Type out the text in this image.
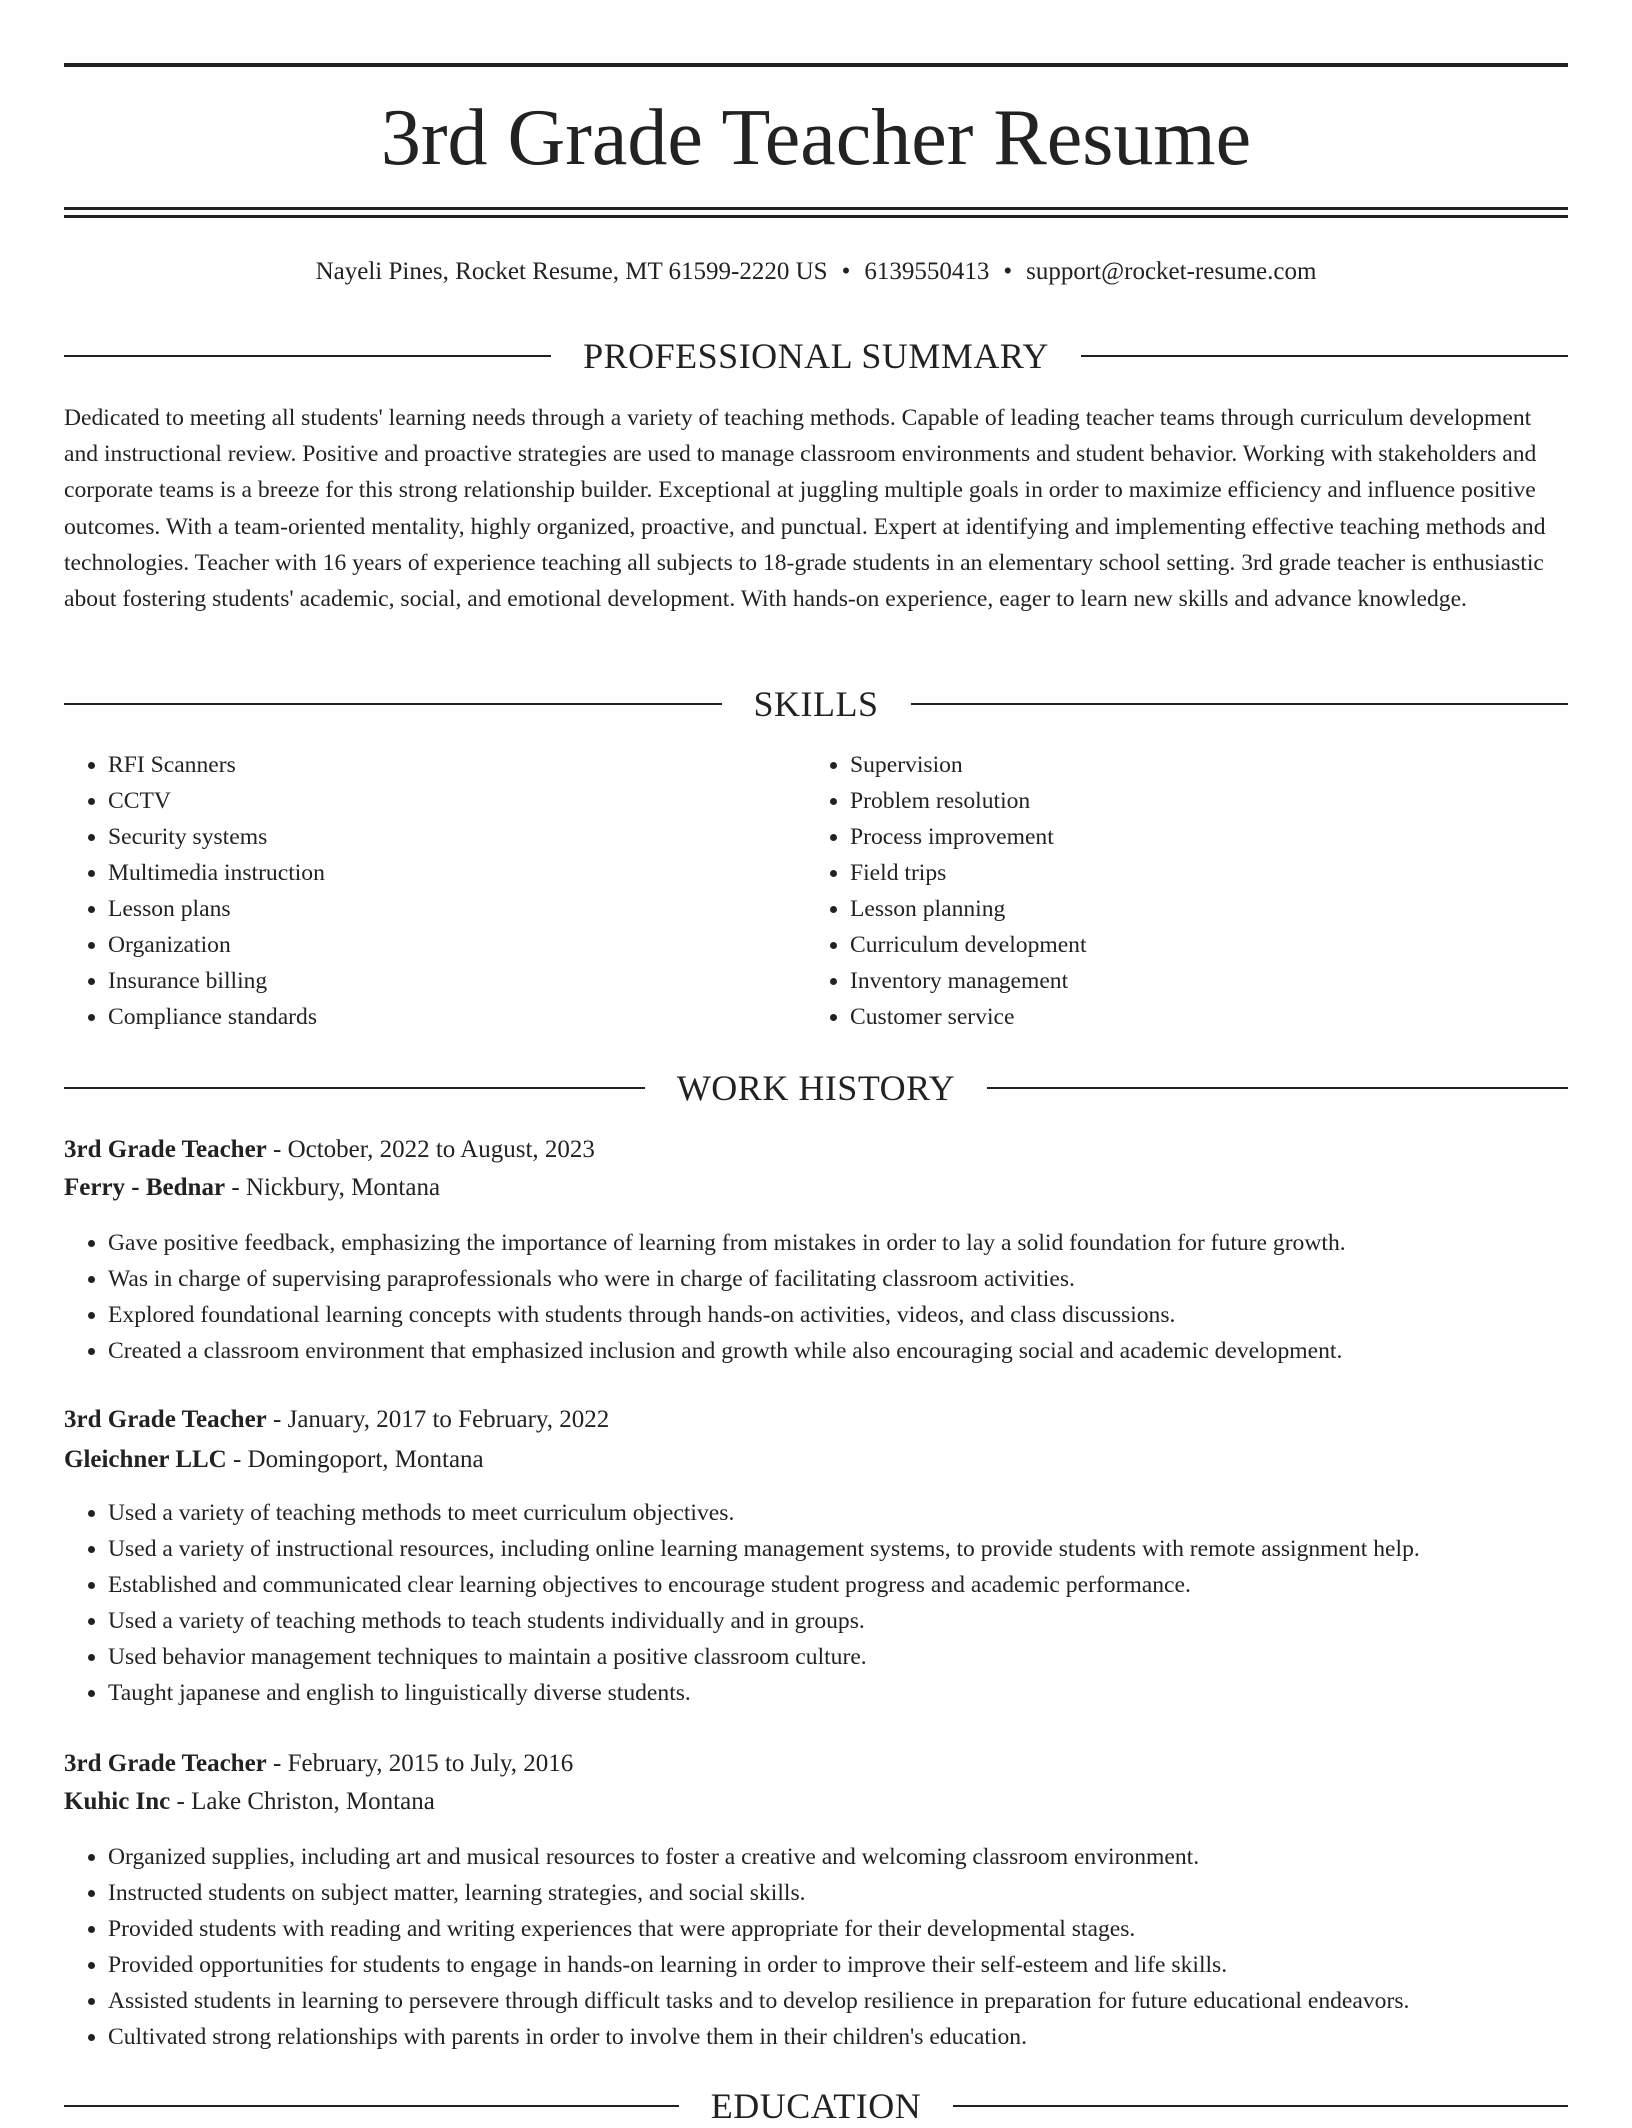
3rd Grade Teacher Resume
Nayeli Pines, Rocket Resume, MT 61599-2220 US • 6139550413 • support@rocket-resume.com
PROFESSIONAL SUMMARY

Dedicated to meeting all students' learning needs through a variety of teaching methods. Capable of leading teacher teams through curriculum development and instructional review. Positive and proactive strategies are used to manage classroom environments and student behavior. Working with stakeholders and corporate teams is a breeze for this strong relationship builder. Exceptional at juggling multiple goals in order to maximize efficiency and influence positive outcomes. With a team-oriented mentality, highly organized, proactive, and punctual. Expert at identifying and implementing effective teaching methods and technologies. Teacher with 16 years of experience teaching all subjects to 18-grade students in an elementary school setting. 3rd grade teacher is enthusiastic about fostering students' academic, social, and emotional development. With hands-on experience, eager to learn new skills and advance knowledge.

SKILLS
• RFI Scanners
• CCTV
• Security systems
• Multimedia instruction
• Lesson plans
• Organization
• Insurance billing
• Compliance standards
• Supervision
• Problem resolution
• Process improvement
• Field trips
• Lesson planning
• Curriculum development
• Inventory management
• Customer service
WORK HISTORY
3rd Grade Teacher - October, 2022 to August, 2023
Ferry - Bednar - Nickbury, Montana
• Gave positive feedback, emphasizing the importance of learning from mistakes in order to lay a solid foundation for future growth.
• Was in charge of supervising paraprofessionals who were in charge of facilitating classroom activities.
• Explored foundational learning concepts with students through hands-on activities, videos, and class discussions.
• Created a classroom environment that emphasized inclusion and growth while also encouraging social and academic development.
3rd Grade Teacher - January, 2017 to February, 2022
Gleichner LLC - Domingoport, Montana
• Used a variety of teaching methods to meet curriculum objectives.
• Used a variety of instructional resources, including online learning management systems, to provide students with remote assignment help.
• Established and communicated clear learning objectives to encourage student progress and academic performance.
• Used a variety of teaching methods to teach students individually and in groups.
• Used behavior management techniques to maintain a positive classroom culture.
• Taught japanese and english to linguistically diverse students.
3rd Grade Teacher - February, 2015 to July, 2016
Kuhic Inc - Lake Christon, Montana
• Organized supplies, including art and musical resources to foster a creative and welcoming classroom environment.
• Instructed students on subject matter, learning strategies, and social skills.
• Provided students with reading and writing experiences that were appropriate for their developmental stages.
• Provided opportunities for students to engage in hands-on learning in order to improve their self-esteem and life skills.
• Assisted students in learning to persevere through difficult tasks and to develop resilience in preparation for future educational endeavors.
• Cultivated strong relationships with parents in order to involve them in their children's education.
EDUCATION
